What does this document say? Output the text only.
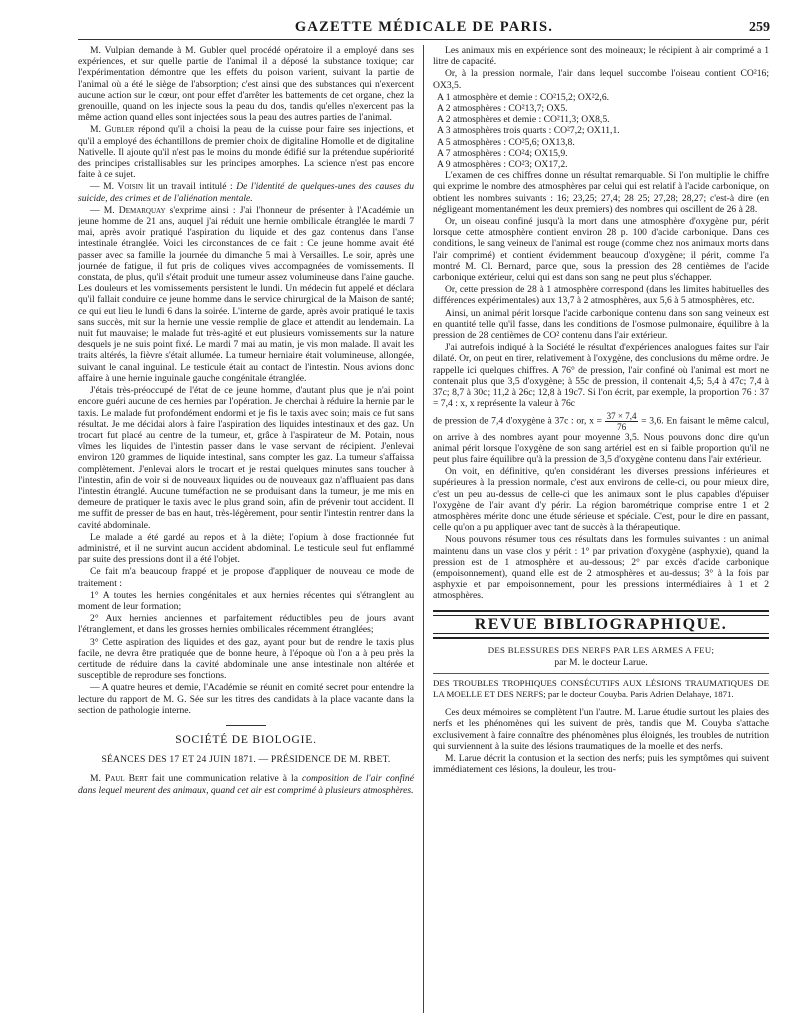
GAZETTE MÉDICALE DE PARIS.	259

M. Vulpian demande à M. Gubler quel procédé opératoire il a employé dans ses expériences, et sur quelle partie de l'animal il a déposé la substance toxique; car l'expérimentation démontre que les effets du poison varient, suivant la partie de l'animal où a été le siège de l'absorption; c'est ainsi que des substances qui n'exercent aucune action sur le cœur, ont pour effet d'arrêter les battements de cet organe, chez la grenouille, quand on les injecte sous la peau du dos, tandis qu'elles n'exercent pas la même action quand elles sont injectées sous la peau des autres parties de l'animal.

M. Gubler répond qu'il a choisi la peau de la cuisse pour faire ses injections, et qu'il a employé des échantillons de premier choix de digitaline Homolle et de digitaline Nativelle. Il ajoute qu'il n'est pas le moins du monde édifié sur la prétendue supériorité des principes cristallisables sur les principes amorphes. La science n'est pas encore faite à ce sujet.

— M. Voisin lit un travail intitulé : De l'identité de quelques-unes des causes du suicide, des crimes et de l'aliénation mentale.

— M. Demarquay s'exprime ainsi : J'ai l'honneur de présenter à l'Académie un jeune homme de 21 ans, auquel j'ai réduit une hernie ombilicale étranglée le mardi 7 mai, après avoir pratiqué l'aspiration du liquide et des gaz contenus dans l'anse intestinale étranglée. Voici les circonstances de ce fait : Ce jeune homme avait été passer avec sa famille la journée du dimanche 5 mai à Versailles. Le soir, après une journée de fatigue, il fut pris de coliques vives accompagnées de vomissements. Il constata, de plus, qu'il s'était produit une tumeur assez volumineuse dans l'aine gauche. Les douleurs et les vomissements persistent le lundi. Un médecin fut appelé et déclara qu'il fallait conduire ce jeune homme dans le service chirurgical de la Maison de santé; ce qui eut lieu le lundi 6 dans la soirée. L'interne de garde, après avoir pratiqué le taxis sans succès, mit sur la hernie une vessie remplie de glace et attendit au lendemain. La nuit fut mauvaise; le malade fut très-agité et eut plusieurs vomissements sur la nature desquels je ne suis point fixé. Le mardi 7 mai au matin, je vis mon malade. Il avait les traits altérés, la fièvre s'était allumée. La tumeur herniaire était volumineuse, allongée, suivant le canal inguinal. Le testicule était au contact de l'intestin. Nous avions donc affaire à une hernie inguinale gauche congénitale étranglée.

J'étais très-préoccupé de l'état de ce jeune homme, d'autant plus que je n'ai point encore guéri aucune de ces hernies par l'opération. Je cherchai à réduire la hernie par le taxis. Le malade fut profondément endormi et je fis le taxis avec soin; mais ce fut sans résultat. Je me décidai alors à faire l'aspiration des liquides intestinaux et des gaz. Un trocart fut placé au centre de la tumeur, et, grâce à l'aspirateur de M. Potain, nous vîmes les liquides de l'intestin passer dans le vase servant de récipient. J'enlevai environ 120 grammes de liquide intestinal, sans compter les gaz. La tumeur s'affaissa complètement. J'enlevai alors le trocart et je restai quelques minutes sans toucher à l'intestin, afin de voir si de nouveaux liquides ou de nouveaux gaz n'affluaient pas dans l'intestin étranglé. Aucune tuméfaction ne se produisant dans la tumeur, je me mis en demeure de pratiquer le taxis avec le plus grand soin, afin de prévenir tout accident. Il me suffit de presser de bas en haut, très-légèrement, pour sentir l'intestin rentrer dans la cavité abdominale.

Le malade a été gardé au repos et à la diète; l'opium à dose fractionnée fut administré, et il ne survint aucun accident abdominal. Le testicule seul fut enflammé par suite des pressions dont il a été l'objet.

Ce fait m'a beaucoup frappé et je propose d'appliquer de nouveau ce mode de traitement :

1° A toutes les hernies congénitales et aux hernies récentes qui s'étranglent au moment de leur formation;

2° Aux hernies anciennes et parfaitement réductibles peu de jours avant l'étranglement, et dans les grosses hernies ombilicales récemment étranglées;

3° Cette aspiration des liquides et des gaz, ayant pour but de rendre le taxis plus facile, ne devra être pratiquée que de bonne heure, à l'époque où l'on a à peu près la certitude de réduire dans la cavité abdominale une anse intestinale non altérée et susceptible de reprodure ses fonctions.

— A quatre heures et demie, l'Académie se réunit en comité secret pour entendre la lecture du rapport de M. G. Sée sur les titres des candidats à la place vacante dans la section de pathologie interne.

SOCIÉTÉ DE BIOLOGIE.
SÉANCES DES 17 ET 24 JUIN 1871. — PRÉSIDENCE DE M. RBET.

M. Paul Bert fait une communication relative à la composition de l'air confiné dans lequel meurent des animaux, quand cet air est comprimé à plusieurs atmosphères.

Les animaux mis en expérience sont des moineaux; le récipient à air comprimé a 1 litre de capacité.

Or, à la pression normale, l'air dans lequel succombe l'oiseau contient CO²16; OX3,5.

A 1 atmosphère et demie : CO²15,2; OX²2,6.

A 2 atmosphères : CO²13,7; OX5.

A 2 atmosphères et demie : CO²11,3; OX8,5.

A 3 atmosphères trois quarts : CO²7,2; OX11,1.

A 5 atmosphères : CO²5,6; OX13,8.

A 7 atmosphères : CO²4; OX15,9.

A 9 atmosphères : CO²3; OX17,2.

L'examen de ces chiffres donne un résultat remarquable. Si l'on multiplie le chiffre qui exprime le nombre des atmosphères par celui qui est relatif à l'acide carbonique, on obtient les nombres suivants : 16; 23,25; 27,4; 28 25; 27,28; 28,27; c'est-à dire (en négligeant momentanément les deux premiers) des nombres qui oscillent de 26 à 28.

Or, un oiseau confiné jusqu'à la mort dans une atmosphère d'oxygène pur, périt lorsque cette atmosphère contient environ 28 p. 100 d'acide carbonique. Dans ces conditions, le sang veineux de l'animal est rouge (comme chez nos animaux morts dans l'air comprimé) et contient évidemment beaucoup d'oxygène; il périt, comme l'a montré M. Cl. Bernard, parce que, sous la pression des 28 centièmes de l'acide carbonique extérieur, celui qui est dans son sang ne peut plus s'échapper.

Or, cette pression de 28 à 1 atmosphère correspond (dans les limites habituelles des différences expérimentales) aux 13,7 à 2 atmosphères, aux 5,6 à 5 atmosphères, etc.

Ainsi, un animal périt lorsque l'acide carbonique contenu dans son sang veineux est en quantité telle qu'il fasse, dans les conditions de l'osmose pulmonaire, équilibre à la pression de 28 centièmes de CO² contenu dans l'air extérieur.

J'ai autrefois indiqué à la Société le résultat d'expériences analogues faites sur l'air dilaté. Or, on peut en tirer, relativement à l'oxygène, des conclusions du même ordre. Je rappelle ici quelques chiffres. A 76° de pression, l'air confiné où l'animal est mort ne contenait plus que 3,5 d'oxygène; à 55c de pression, il contenait 4,5; 5,4 à 47c; 7,4 à 37c; 8,7 à 30c; 11,2 à 26c; 12,8 à 19c7. Si l'on écrit, par exemple, la proportion 76 : 37 = 7,4 : x, x représente la valeur à 76c

de pression de 7,4 d'oxygène à 37c : or, $x = \frac{37 \times 7,4}{76} = 3,6$. En faisant le même calcul, on arrive à des nombres ayant pour moyenne 3,5. Nous pouvons donc dire qu'un animal périt lorsque l'oxygène de son sang artériel est en si faible proportion qu'il ne peut plus faire équilibre qu'à la pression de 3,5 d'oxygène contenu dans l'air extérieur.

On voit, en définitive, qu'en considérant les diverses pressions inférieures et supérieures à la pression normale, c'est aux environs de celle-ci, ou pour mieux dire, c'est un peu au-dessus de celle-ci que les animaux sont le plus capables d'épuiser l'oxygène de l'air avant d'y périr. La région barométrique comprise entre 1 et 2 atmosphères mérite donc une étude sérieuse et spéciale. C'est, pour le dire en passant, celle qu'on a pu appliquer avec tant de succès à la thérapeutique.

Nous pouvons résumer tous ces résultats dans les formules suivantes : un animal maintenu dans un vase clos y périt : 1° par privation d'oxygène (asphyxie), quand la pression est de 1 atmosphère et au-dessous; 2° par excès d'acide carbonique (empoisonnement), quand elle est de 2 atmosphères et au-dessus; 3° à la fois par asphyxie et par empoisonnement, pour les pressions intermédiaires à 1 et 2 atmosphères.

REVUE BIBLIOGRAPHIQUE.
DES BLESSURES DES NERFS PAR LES ARMES A FEU;
par M. le docteur Larue.

DES TROUBLES TROPHIQUES CONSÉCUTIFS AUX LÉSIONS TRAUMATIQUES DE LA MOELLE ET DES NERFS; par le docteur Couyba. Paris Adrien Delahaye, 1871.

Ces deux mémoires se complètent l'un l'autre. M. Larue étudie surtout les plaies des nerfs et les phénomènes qui les suivent de près, tandis que M. Couyba s'attache exclusivement à faire connaître des phénomènes plus éloignés, les troubles de nutrition qui surviennent à la suite des lésions traumatiques de la moelle et des nerfs.

M. Larue décrit la contusion et la section des nerfs; puis les symptômes qui suivent immédiatement ces lésions, la douleur, les trou-
